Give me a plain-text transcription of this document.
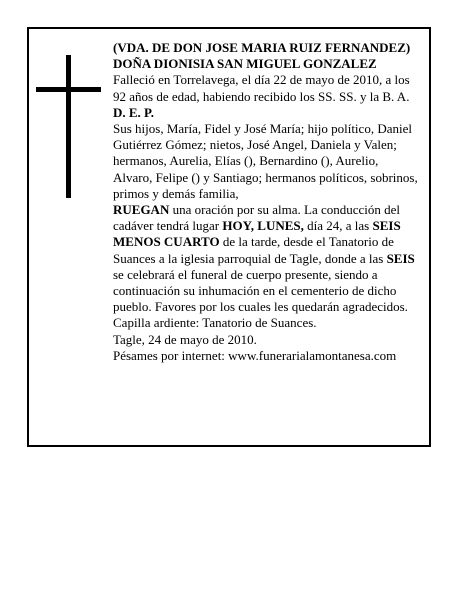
(VDA. DE DON JOSE MARIA RUIZ FERNANDEZ)

DOÑA DIONISIA SAN MIGUEL GONZALEZ

Falleció en Torrelavega, el día 22 de mayo de 2010, a los 92 años de edad, habiendo recibido los SS. SS. y la B. A.

D. E. P.

Sus hijos, María, Fidel y José María; hijo político, Daniel Gutiérrez Gómez; nietos, José Angel, Daniela y Valen; hermanos, Aurelia, Elías (), Bernardino (), Aurelio, Alvaro, Felipe () y Santiago; hermanos políticos, sobrinos, primos y demás familia,

RUEGAN una oración por su alma. La conducción del cadáver tendrá lugar HOY, LUNES, día 24, a las SEIS MENOS CUARTO de la tarde, desde el Tanatorio de Suances a la iglesia parroquial de Tagle, donde a las SEIS se celebrará el funeral de cuerpo presente, siendo a continuación su inhumación en el cementerio de dicho pueblo. Favores por los cuales les quedarán agradecidos. Capilla ardiente: Tanatorio de Suances.

Tagle, 24 de mayo de 2010.

Pésames por internet: www.funerarialamontanesa.com
